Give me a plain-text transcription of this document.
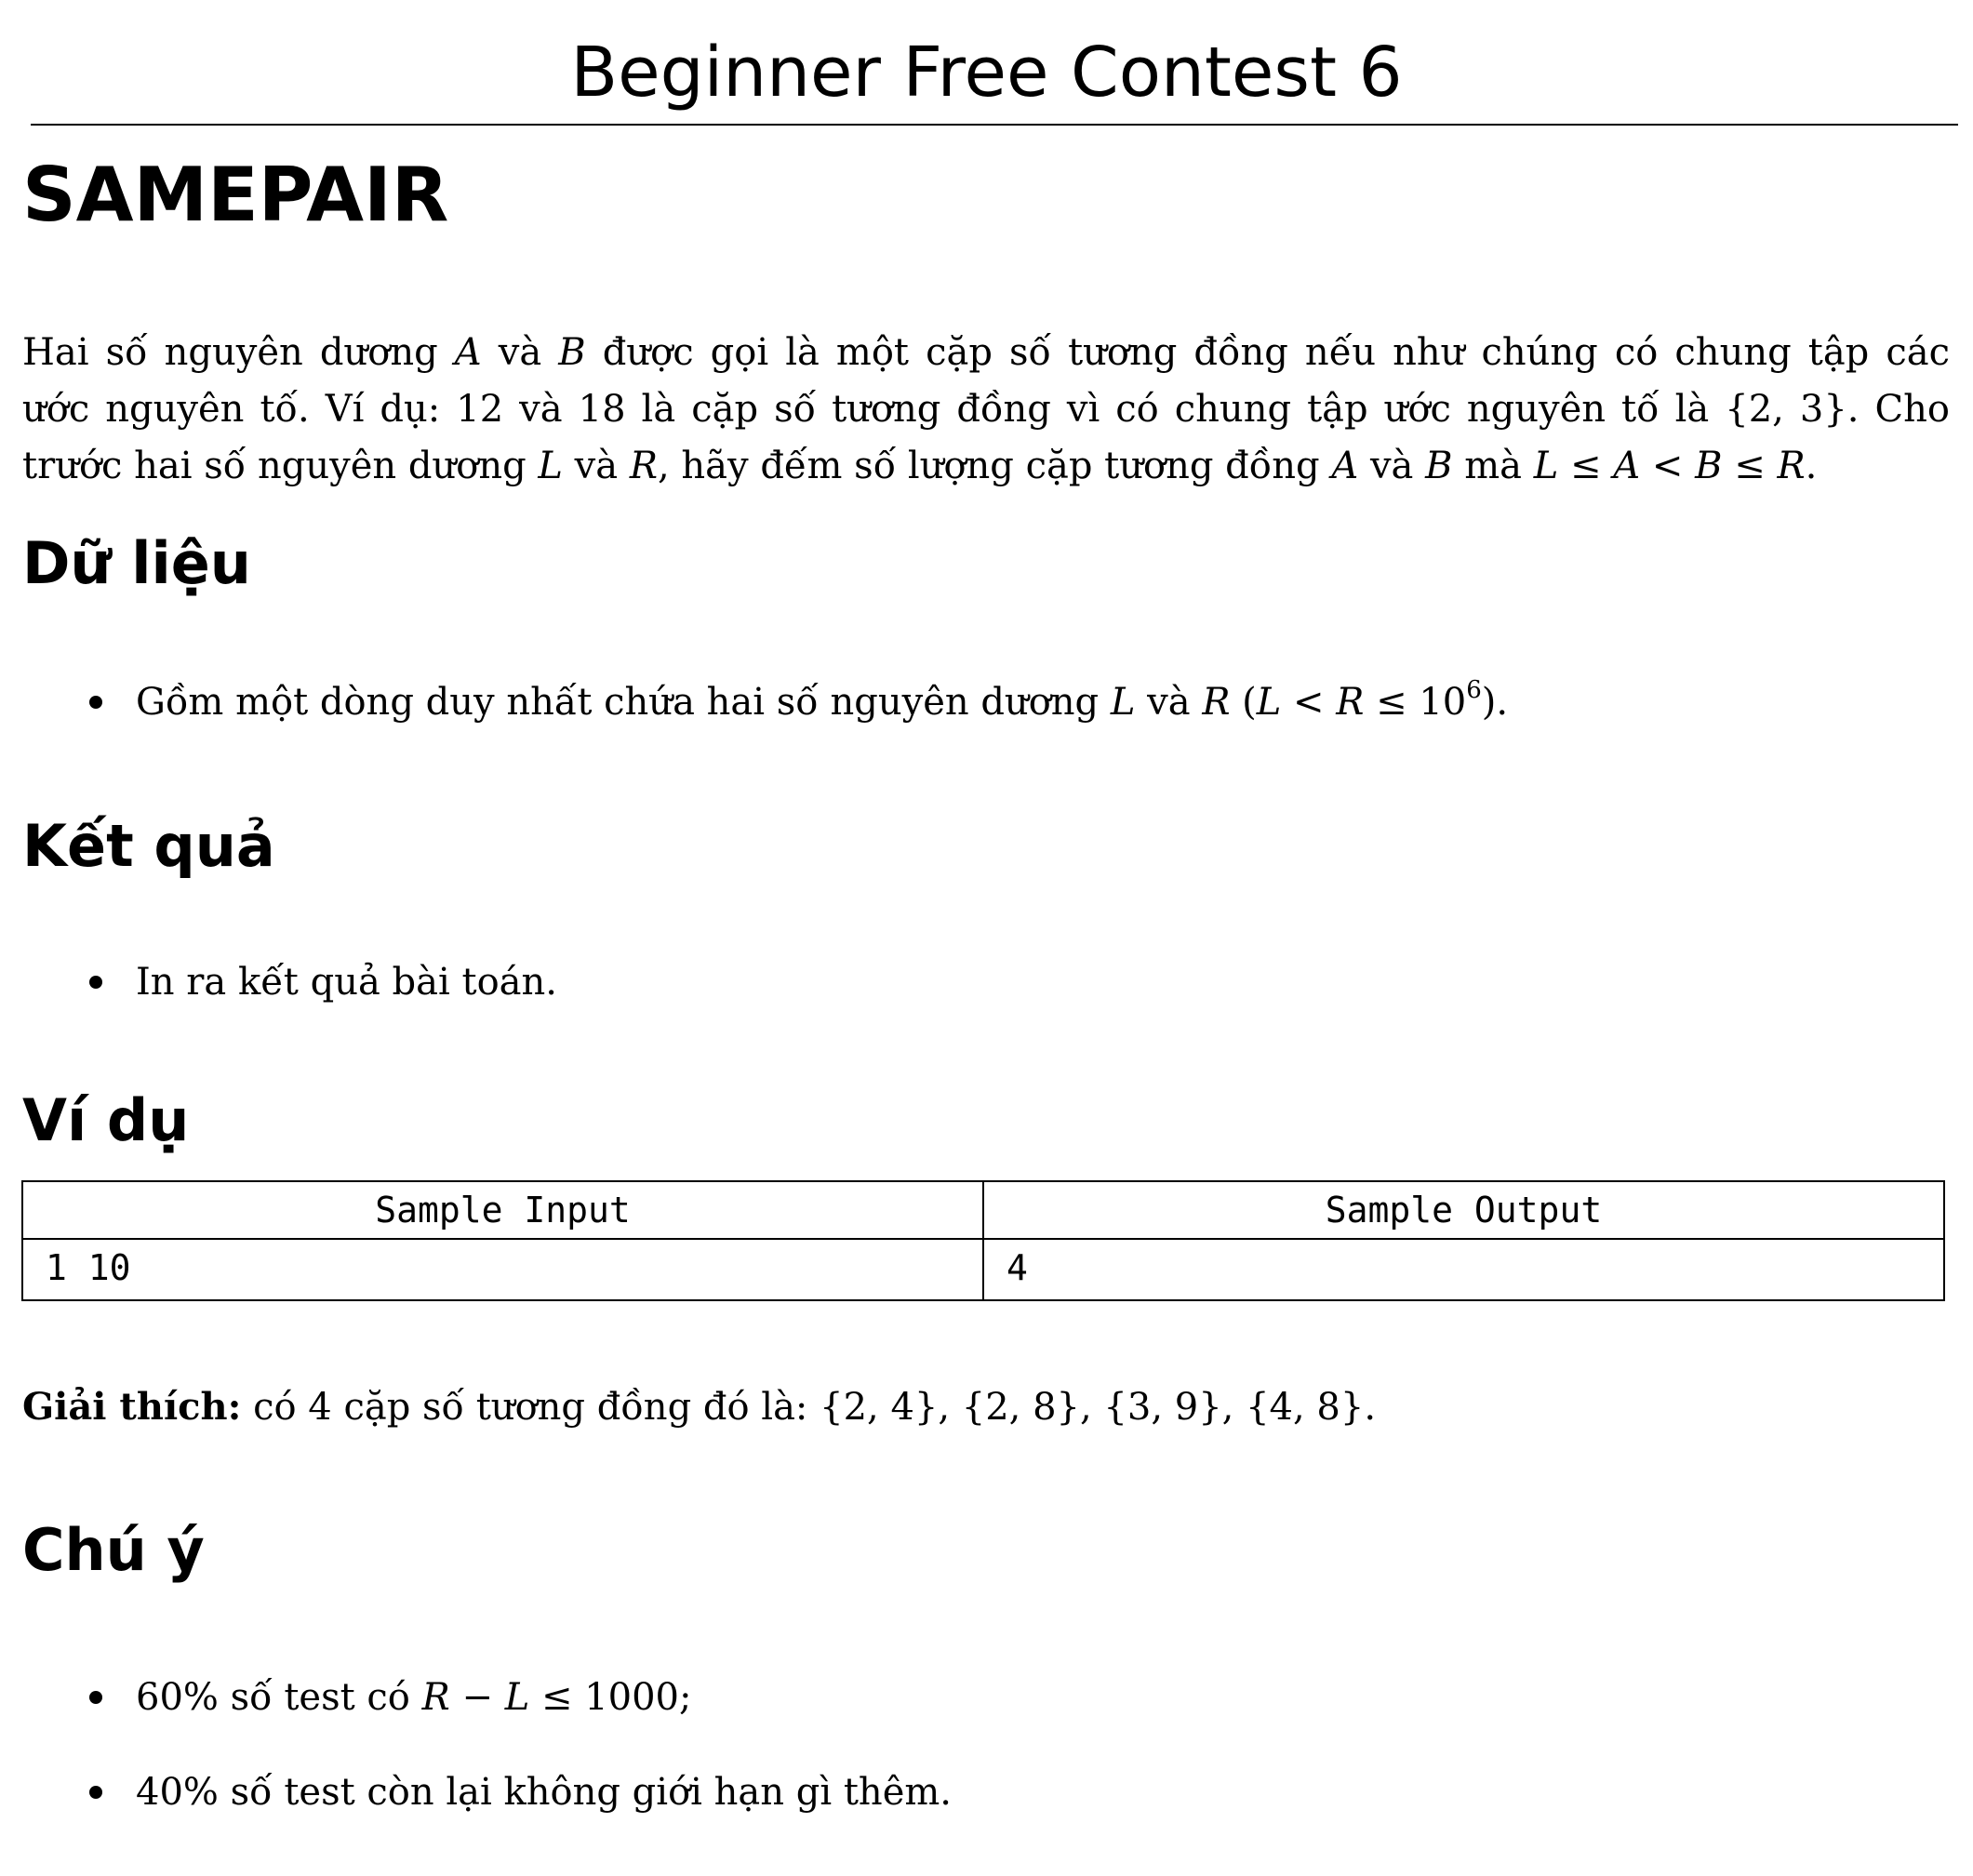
Beginner Free Contest 6
SAMEPAIR
Hai số nguyên dương A và B được gọi là một cặp số tương đồng nếu như chúng có chung tập các
ước nguyên tố. Ví dụ: 12 và 18 là cặp số tương đồng vì có chung tập ước nguyên tố là {2, 3}. Cho
trước hai số nguyên dương L và R, hãy đếm số lượng cặp tương đồng A và B mà L ≤ A < B ≤ R.
Dữ liệu
Gồm một dòng duy nhất chứa hai số nguyên dương L và R $(L < R \le 10^6)$.
Kết quả
In ra kết quả bài toán.
Ví dụ
Sample Input	Sample Output
1 10	4
Giải thích: có 4 cặp số tương đồng đó là: {2, 4}, {2, 8}, {3, 9}, {4, 8}.
Chú ý
60% số test có R − L ≤ 1000;
40% số test còn lại không giới hạn gì thêm.
